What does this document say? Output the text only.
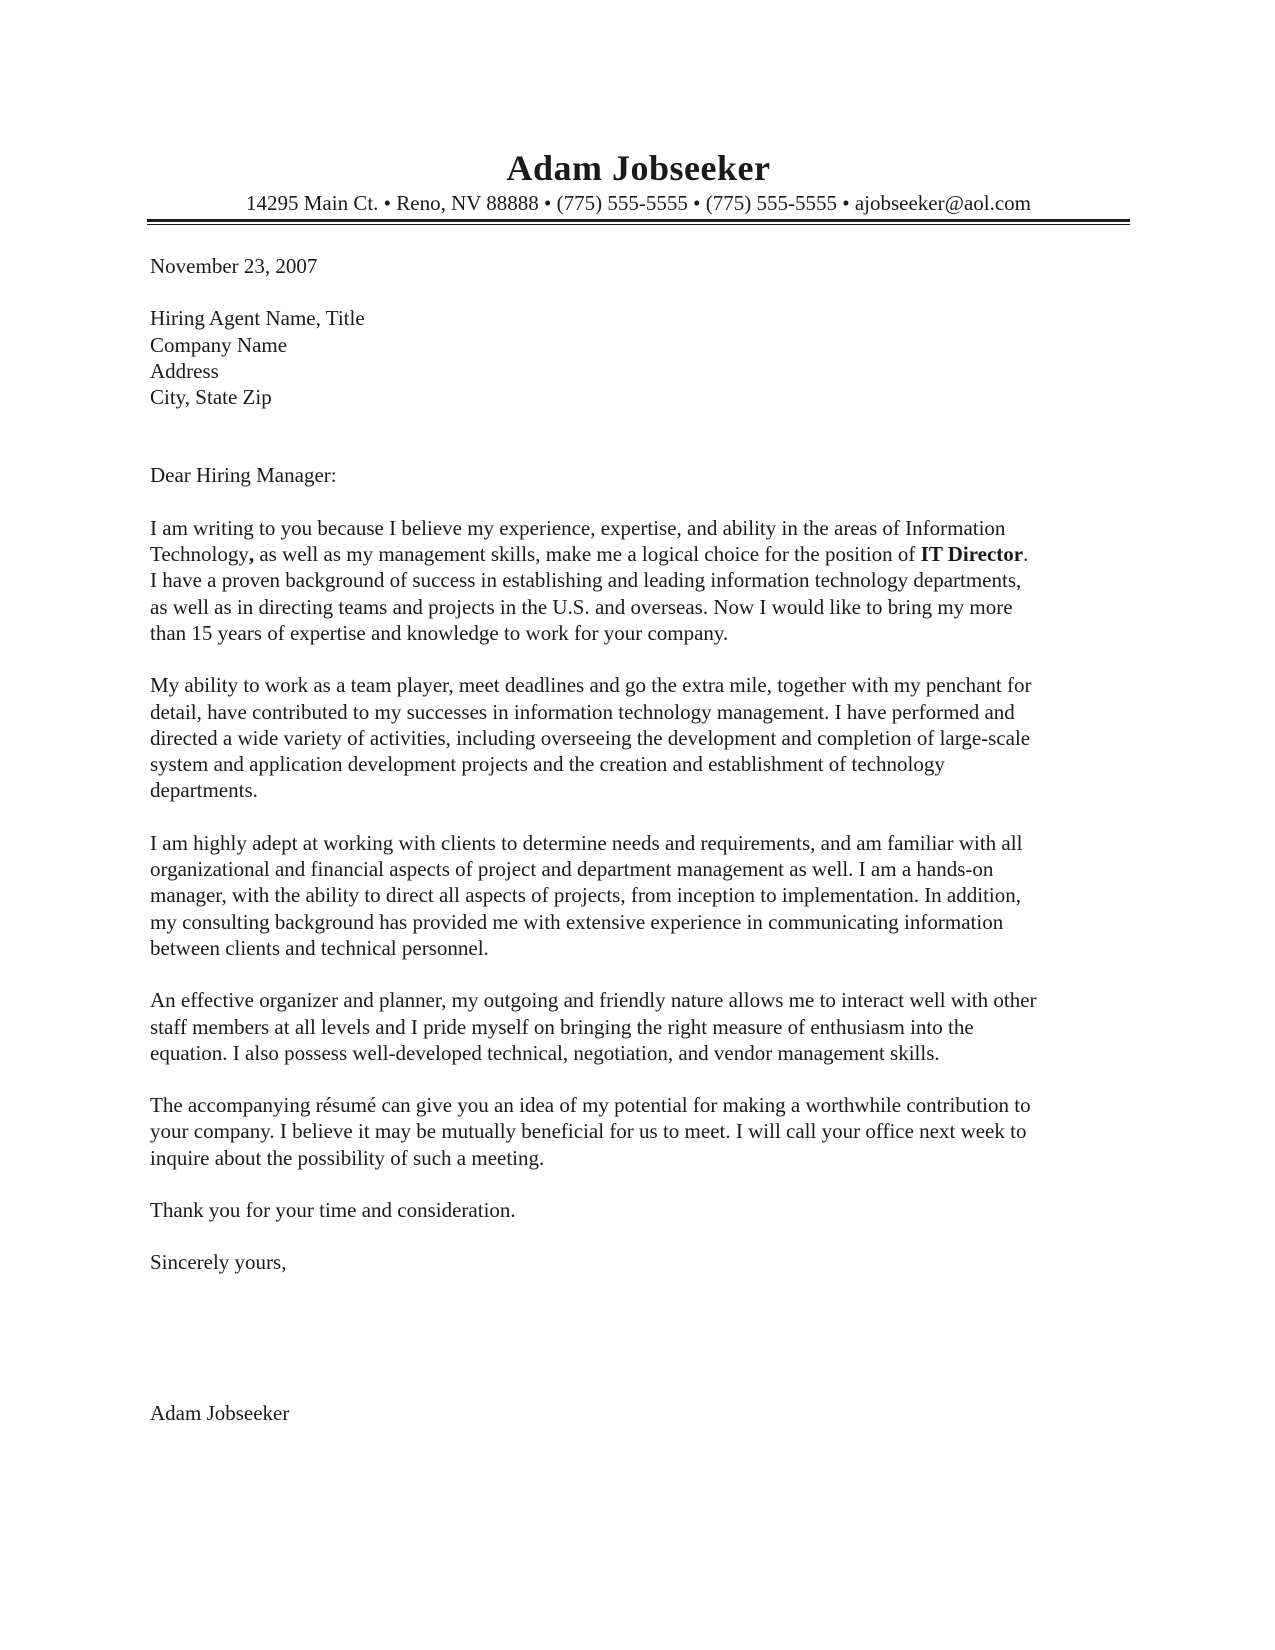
Adam Jobseeker
14295 Main Ct. • Reno, NV 88888 • (775) 555-5555 • (775) 555-5555 • ajobseeker@aol.com
November 23, 2007
Hiring Agent Name, Title
Company Name
Address
City, State Zip
Dear Hiring Manager:
I am writing to you because I believe my experience, expertise, and ability in the areas of Information
Technology, as well as my management skills, make me a logical choice for the position of IT Director.
I have a proven background of success in establishing and leading information technology departments,
as well as in directing teams and projects in the U.S. and overseas. Now I would like to bring my more
than 15 years of expertise and knowledge to work for your company.
My ability to work as a team player, meet deadlines and go the extra mile, together with my penchant for
detail, have contributed to my successes in information technology management. I have performed and
directed a wide variety of activities, including overseeing the development and completion of large-scale
system and application development projects and the creation and establishment of technology
departments.
I am highly adept at working with clients to determine needs and requirements, and am familiar with all
organizational and financial aspects of project and department management as well. I am a hands-on
manager, with the ability to direct all aspects of projects, from inception to implementation. In addition,
my consulting background has provided me with extensive experience in communicating information
between clients and technical personnel.
An effective organizer and planner, my outgoing and friendly nature allows me to interact well with other
staff members at all levels and I pride myself on bringing the right measure of enthusiasm into the
equation. I also possess well-developed technical, negotiation, and vendor management skills.
The accompanying résumé can give you an idea of my potential for making a worthwhile contribution to
your company. I believe it may be mutually beneficial for us to meet. I will call your office next week to
inquire about the possibility of such a meeting.
Thank you for your time and consideration.
Sincerely yours,
Adam Jobseeker
